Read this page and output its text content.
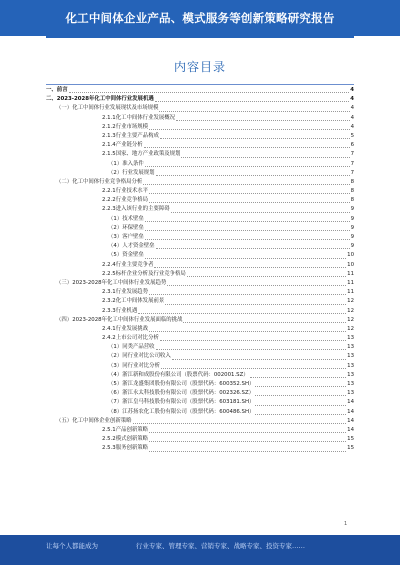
化工中间体企业产品、模式服务等创新策略研究报告
内容目录
一、前言	4
二、2023-2028年化工中间体行业发展机遇	4
（一）化工中间体行业发展现状及市场规模	4
2.1.1化工中间体行业发展概况	4
2.1.2行业市场规模	4
2.1.3行业主要产品构成	5
2.1.4产业链分析	6
2.1.5国家、地方产业政策及规划	7
（1）准入条件	7
（2）行业发展规划	7
（二）化工中间体行业竞争格局分析	8
2.2.1行业技术水平	8
2.2.2行业竞争格局	8
2.2.3进入该行业的主要障碍	9
（1）技术壁垒	9
（2）环保壁垒	9
（3）客户壁垒	9
（4）人才资金壁垒	9
（5）资金壁垒	10
2.2.4行业主要竞争者	10
2.2.5标杆企业分析及行业竞争格局	11
（三）2023-2028年化工中间体行业发展趋势	11
2.3.1行业发展趋势	11
2.3.2化工中间体发展前景	12
2.3.3行业机遇	12
（四）2023-2028年化工中间体行业发展面临的挑战	12
2.4.1行业发展挑战	12
2.4.2上市公司对比分析	13
（1）同类产品营收	13
（2）同行业对比公司收入	13
（3）同行业对比分析	13
（4）浙江新和成股份有限公司（股票代码：002001.SZ）	13
（5）浙江龙盛集团股份有限公司（股票代码：600352.SH）	13
（6）浙江永太科技股份有限公司（股票代码：002326.SZ）	13
（7）浙江皇马科技股份有限公司（股票代码：603181.SH）	14
（8）江苏扬农化工股份有限公司（股票代码：600486.SH）	14
（五）化工中间体企业创新策略	14
2.5.1产品创新策略	14
2.5.2模式创新策略	15
2.5.3服务创新策略	15
1
让每个人都能成为	行业专家、管理专家、营销专家、战略专家、投资专家……
